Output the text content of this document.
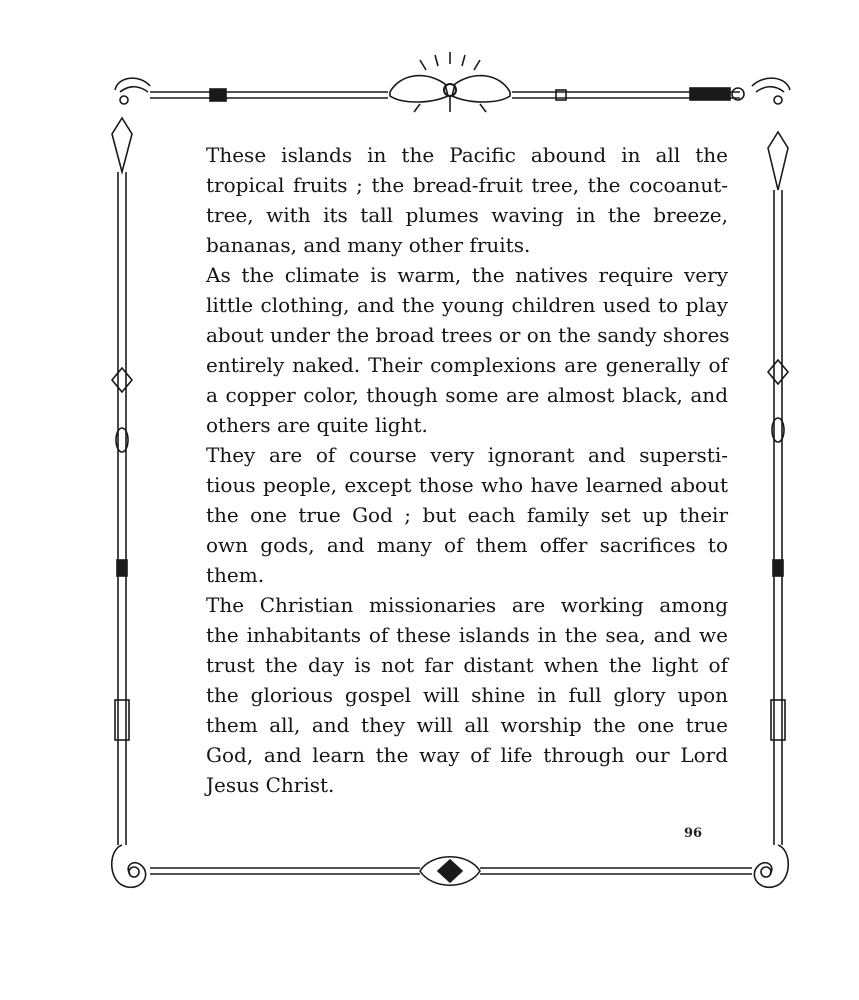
These islands in the Pacific abound in all the
tropical fruits ; the bread-fruit tree, the cocoanut-
tree, with its tall plumes waving in the breeze,
bananas, and many other fruits.

As the climate is warm, the natives require very
little clothing, and the young children used to play
about under the broad trees or on the sandy shores
entirely naked. Their complexions are generally of
a copper color, though some are almost black, and
others are quite light.

They are of course very ignorant and supersti-
tious people, except those who have learned about
the one true God ; but each family set up their
own gods, and many of them offer sacrifices to
them.

The Christian missionaries are working among
the inhabitants of these islands in the sea, and we
trust the day is not far distant when the light of
the glorious gospel will shine in full glory upon
them all, and they will all worship the one true
God, and learn the way of life through our Lord
Jesus Christ.

96
